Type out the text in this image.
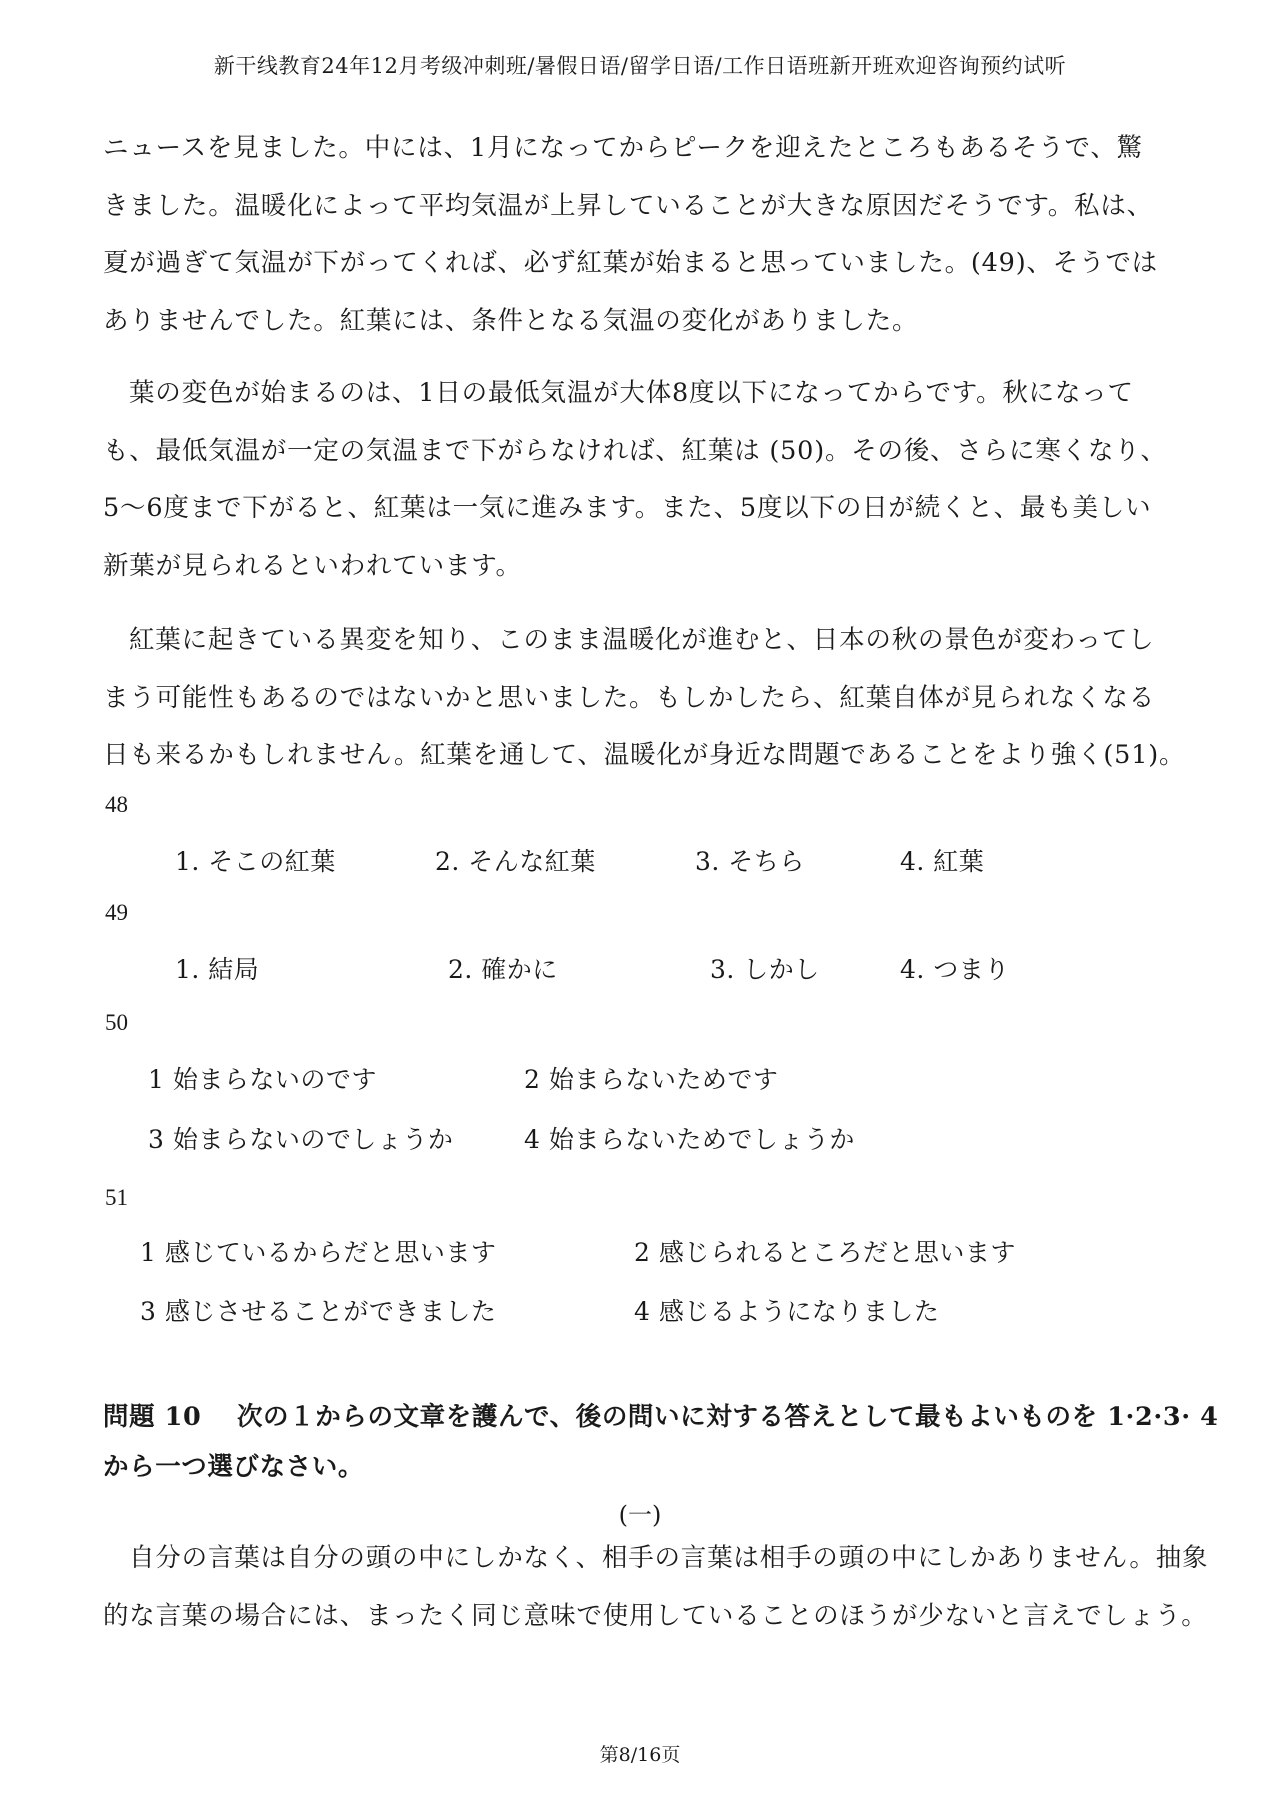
新干线教育24年12月考级冲刺班/暑假日语/留学日语/工作日语班新开班欢迎咨询预约试听
ニュースを見ました。中には、1月になってからピークを迎えたところもあるそうで、驚
きました。温暖化によって平均気温が上昇していることが大きな原因だそうです。私は、
夏が過ぎて気温が下がってくれば、必ず紅葉が始まると思っていました。(49)、そうでは
ありませんでした。紅葉には、条件となる気温の変化がありました。
葉の変色が始まるのは、1日の最低気温が大体8度以下になってからです。秋になって
も、最低気温が一定の気温まで下がらなければ、紅葉は (50)。その後、さらに寒くなり、
5〜6度まで下がると、紅葉は一気に進みます。また、5度以下の日が続くと、最も美しい
新葉が見られるといわれています。
紅葉に起きている異変を知り、このまま温暖化が進むと、日本の秋の景色が変わってし
まう可能性もあるのではないかと思いました。もしかしたら、紅葉自体が見られなくなる
日も来るかもしれません。紅葉を通して、温暖化が身近な問題であることをより強く(51)。
48
1. そこの紅葉	2. そんな紅葉	3. そちら	4. 紅葉
49
1. 結局	2. 確かに	3. しかし	4. つまり
50
1 始まらないのです	2 始まらないためです
3 始まらないのでしょうか	4 始まらないためでしょうか
51
1 感じているからだと思います	2 感じられるところだと思います
3 感じさせることができました	4 感じるようになりました
問題 10　 次の１からの文章を護んで、後の問いに対する答えとして最もよいものを 1·2·3· 4
から一つ選びなさい。
(一)
自分の言葉は自分の頭の中にしかなく、相手の言葉は相手の頭の中にしかありません。抽象
的な言葉の場合には、まったく同じ意味で使用していることのほうが少ないと言えでしょう。
第8/16页
